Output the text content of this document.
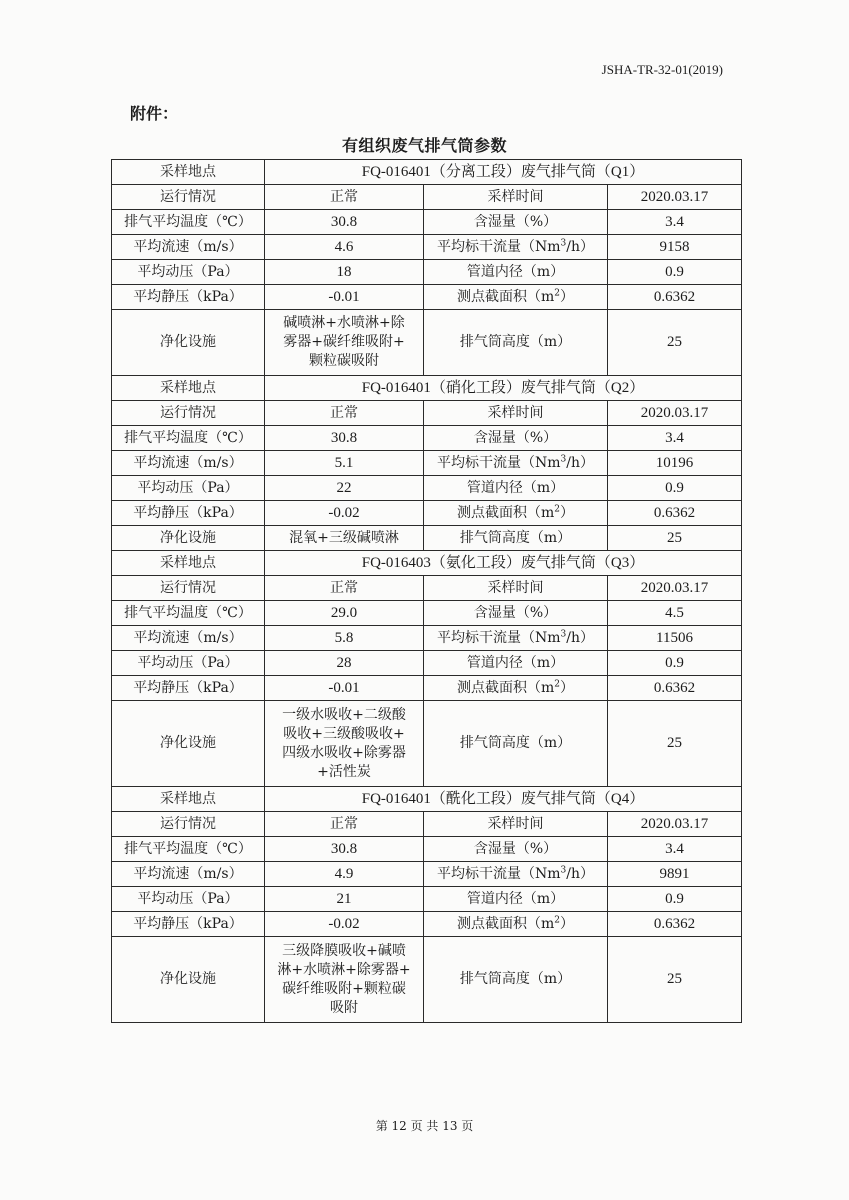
JSHA-TR-32-01(2019)
附件：
有组织废气排气筒参数
采样地点	FQ-016401（分离工段）废气排气筒（Q1）		
运行情况	正常	采样时间	2020.03.17
排气平均温度（℃）	30.8	含湿量（%）	3.4
平均流速（m/s）	4.6	平均标干流量（Nm$^3$/h）	9158
平均动压（Pa）	18	管道内径（m）	0.9
平均静压（kPa）	-0.01	测点截面积$(m^2)$	0.6362
净化设施	碱喷淋+水喷淋+除
雾器+碳纤维吸附+
颗粒碳吸附	排气筒高度（m）	25
采样地点	FQ-016401（硝化工段）废气排气筒（Q2）		
运行情况	正常	采样时间	2020.03.17
排气平均温度（℃）	30.8	含湿量（%）	3.4
平均流速（m/s）	5.1	平均标干流量（Nm$^3$/h）	10196
平均动压（Pa）	22	管道内径（m）	0.9
平均静压（kPa）	-0.02	测点截面积$(m^2)$	0.6362
净化设施	混氧+三级碱喷淋	排气筒高度（m）	25
采样地点	FQ-016403（氨化工段）废气排气筒（Q3）		
运行情况	正常	采样时间	2020.03.17
排气平均温度（℃）	29.0	含湿量（%）	4.5
平均流速（m/s）	5.8	平均标干流量（Nm$^3$/h）	11506
平均动压（Pa）	28	管道内径（m）	0.9
平均静压（kPa）	-0.01	测点截面积$(m^2)$	0.6362
净化设施	一级水吸收+二级酸
吸收+三级酸吸收+
四级水吸收+除雾器
+活性炭	排气筒高度（m）	25
采样地点	FQ-016401（酰化工段）废气排气筒（Q4）		
运行情况	正常	采样时间	2020.03.17
排气平均温度（℃）	30.8	含湿量（%）	3.4
平均流速（m/s）	4.9	平均标干流量（Nm$^3$/h）	9891
平均动压（Pa）	21	管道内径（m）	0.9
平均静压（kPa）	-0.02	测点截面积$(m^2)$	0.6362
净化设施	三级降膜吸收+碱喷
淋+水喷淋+除雾器+
碳纤维吸附+颗粒碳
吸附	排气筒高度（m）	25
第 12 页 共 13 页
